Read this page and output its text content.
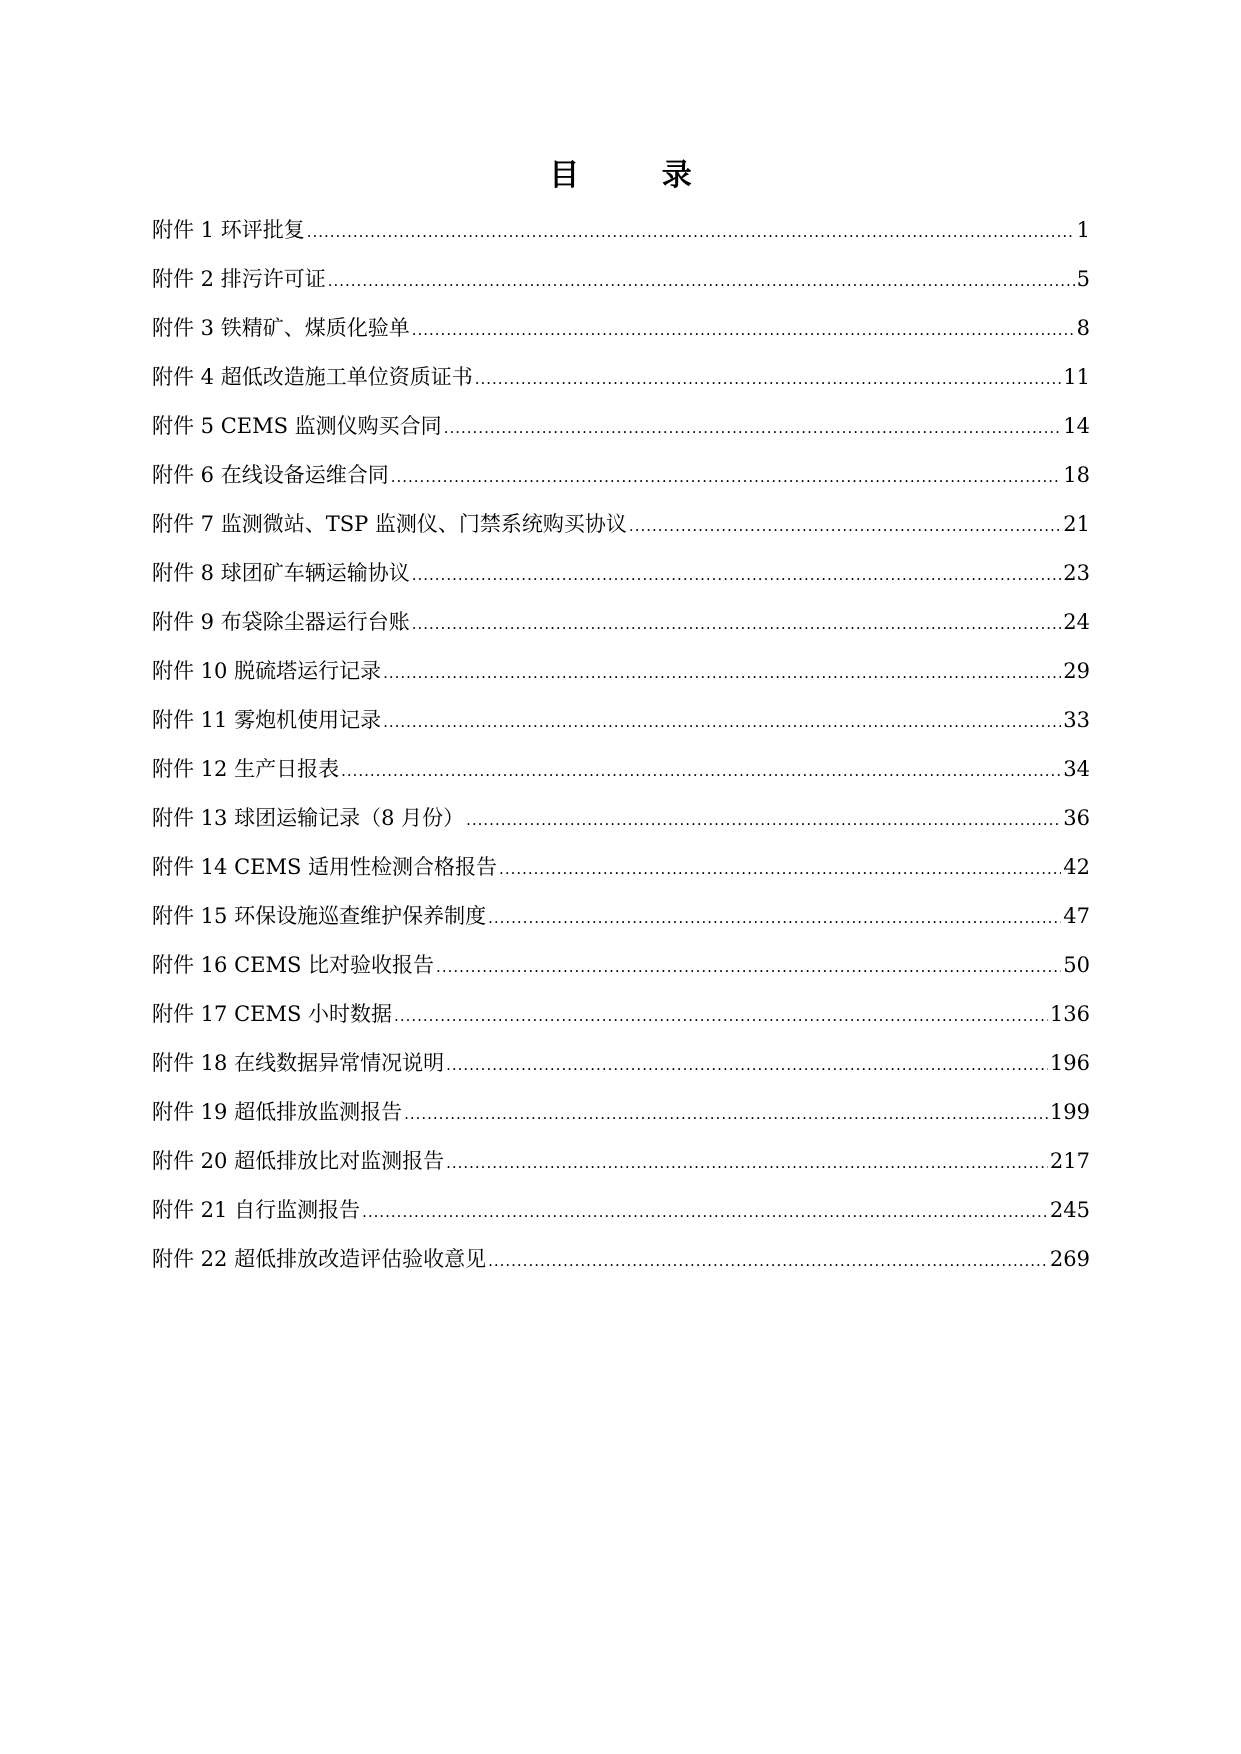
目 录
附件 1 环评批复 .....	1
附件 2 排污许可证 .....	5
附件 3 铁精矿、煤质化验单 .....	8
附件 4 超低改造施工单位资质证书 .....	11
附件 5 CEMS 监测仪购买合同 .....	14
附件 6 在线设备运维合同 .....	18
附件 7 监测微站、TSP 监测仪、门禁系统购买协议 .....	21
附件 8 球团矿车辆运输协议 .....	23
附件 9 布袋除尘器运行台账 .....	24
附件 10 脱硫塔运行记录 .....	29
附件 11 雾炮机使用记录 .....	33
附件 12 生产日报表 .....	34
附件 13 球团运输记录（8 月份） .....	36
附件 14 CEMS 适用性检测合格报告 .....	42
附件 15 环保设施巡查维护保养制度 .....	47
附件 16 CEMS 比对验收报告 .....	50
附件 17 CEMS 小时数据 .....	136
附件 18 在线数据异常情况说明 .....	196
附件 19 超低排放监测报告 .....	199
附件 20 超低排放比对监测报告 .....	217
附件 21 自行监测报告 .....	245
附件 22 超低排放改造评估验收意见 .....	269
